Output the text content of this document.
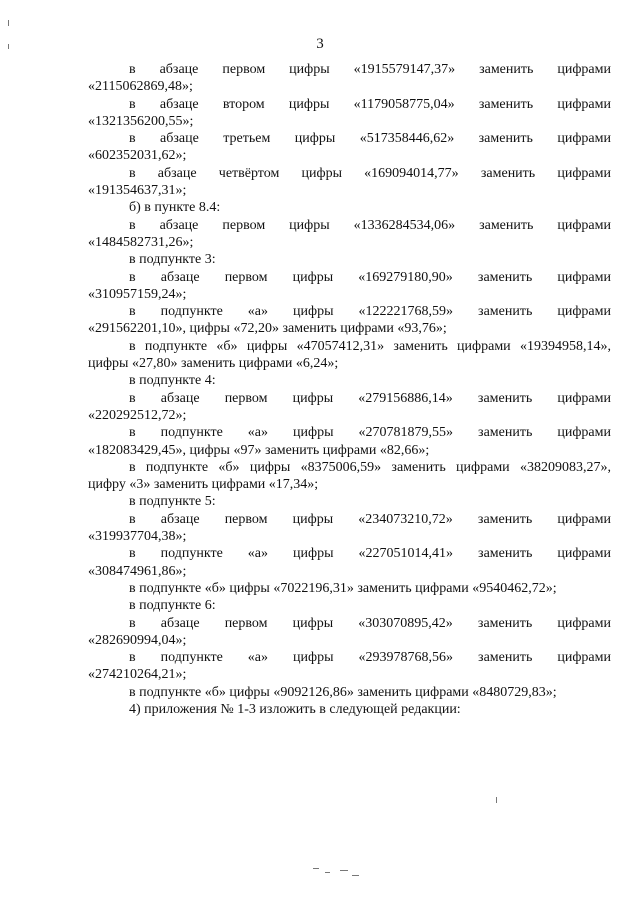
3

в абзаце первом цифры «1915579147,37» заменить цифрами
«2115062869,48»;

в абзаце втором цифры «1179058775,04» заменить цифрами
«1321356200,55»;

в абзаце третьем цифры «517358446,62» заменить цифрами
«602352031,62»;

в абзаце четвёртом цифры «169094014,77» заменить цифрами
«191354637,31»;

б) в пункте 8.4:

в абзаце первом цифры «1336284534,06» заменить цифрами
«1484582731,26»;

в подпункте 3:

в абзаце первом цифры «169279180,90» заменить цифрами
«310957159,24»;

в подпункте «а» цифры «122221768,59» заменить цифрами
«291562201,10», цифры «72,20» заменить цифрами «93,76»;

в подпункте «б» цифры «47057412,31» заменить цифрами «19394958,14»,
цифры «27,80» заменить цифрами «6,24»;

в подпункте 4:

в абзаце первом цифры «279156886,14» заменить цифрами
«220292512,72»;

в подпункте «а» цифры «270781879,55» заменить цифрами
«182083429,45», цифры «97» заменить цифрами «82,66»;

в подпункте «б» цифры «8375006,59» заменить цифрами «38209083,27»,
цифру «3» заменить цифрами «17,34»;

в подпункте 5:

в абзаце первом цифры «234073210,72» заменить цифрами
«319937704,38»;

в подпункте «а» цифры «227051014,41» заменить цифрами
«308474961,86»;

в подпункте «б» цифры «7022196,31» заменить цифрами «9540462,72»;

в подпункте 6:

в абзаце первом цифры «303070895,42» заменить цифрами
«282690994,04»;

в подпункте «а» цифры «293978768,56» заменить цифрами
«274210264,21»;

в подпункте «б» цифры «9092126,86» заменить цифрами «8480729,83»;

4) приложения № 1-3 изложить в следующей редакции:
